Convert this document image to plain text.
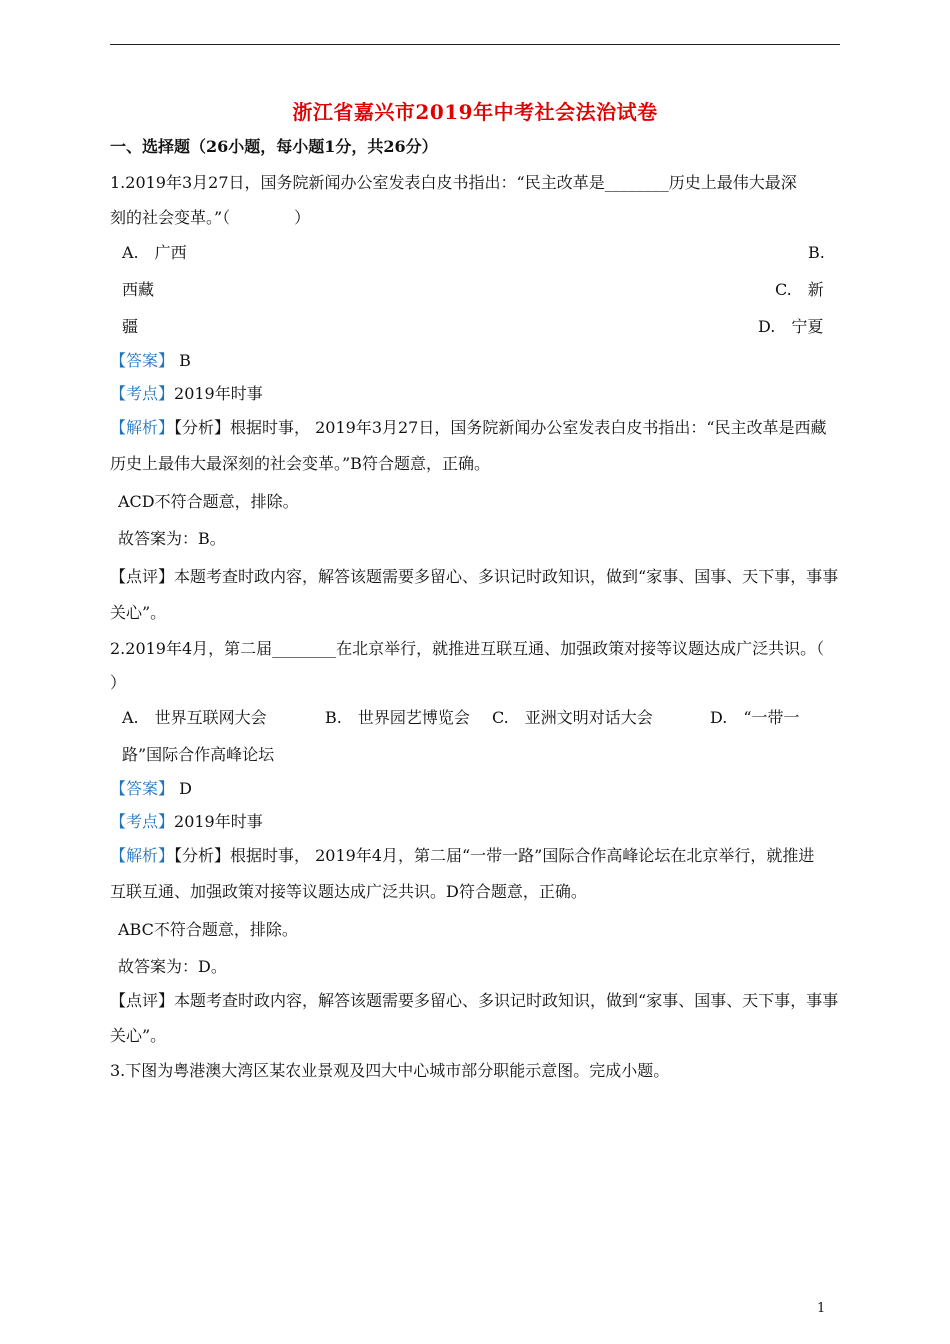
浙江省嘉兴市2019年中考社会法治试卷
一、选择题（26小题，每小题1分，共26分）
1.2019年3月27日，国务院新闻办公室发表白皮书指出：“民主改革是________历史上最伟大最深
刻的社会变革。”（　　　　）
A.　广西	B.
西藏	C.　新
疆	D.　宁夏
【答案】 B
【考点】2019年时事
【解析】【分析】根据时事， 2019年3月27日，国务院新闻办公室发表白皮书指出：“民主改革是西藏
历史上最伟大最深刻的社会变革。”B符合题意，正确。
ACD不符合题意，排除。
故答案为：B。
【点评】本题考查时政内容，解答该题需要多留心、多识记时政知识，做到“家事、国事、天下事，事事
关心”。
2.2019年4月，第二届________在北京举行，就推进互联互通、加强政策对接等议题达成广泛共识。（
）
A.　世界互联网大会	B.　世界园艺博览会 C.　亚洲文明对话大会	D.　“一带一
路”国际合作高峰论坛
【答案】 D
【考点】2019年时事
【解析】【分析】根据时事， 2019年4月，第二届“一带一路”国际合作高峰论坛在北京举行，就推进
互联互通、加强政策对接等议题达成广泛共识。D符合题意，正确。
ABC不符合题意，排除。
故答案为：D。
【点评】本题考查时政内容，解答该题需要多留心、多识记时政知识，做到“家事、国事、天下事，事事
关心”。
3.下图为粤港澳大湾区某农业景观及四大中心城市部分职能示意图。完成小题。
1
